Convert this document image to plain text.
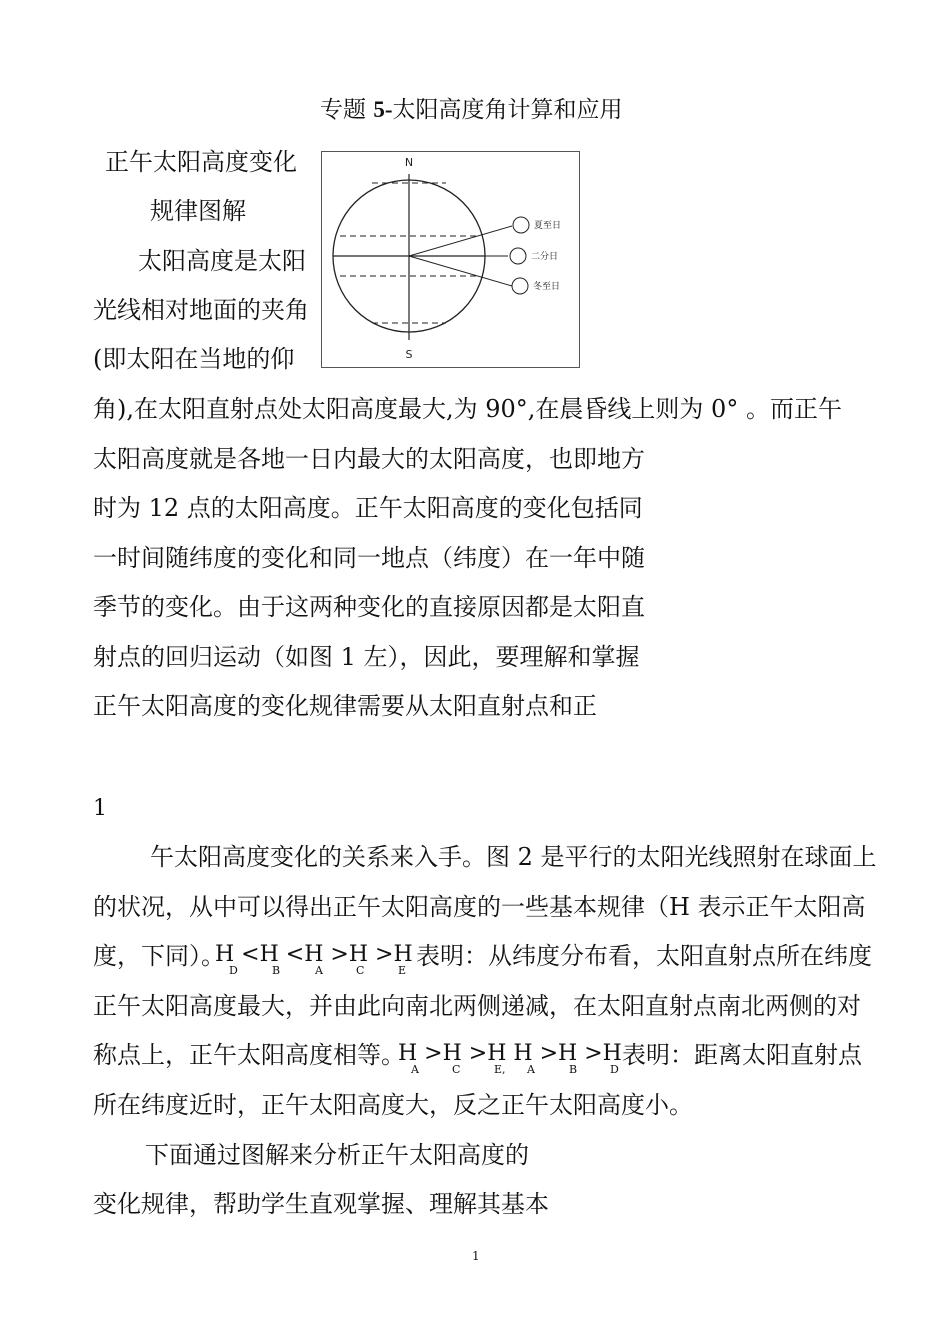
专题 5-太阳高度角计算和应用
正午太阳高度变化
规律图解
太阳高度是太阳
光线相对地面的夹角
(即太阳在当地的仰
N
S
夏至日
二分日
冬至日
角),在太阳直射点处太阳高度最大,为 90°,在晨昏线上则为 0° 。而正午
太阳高度就是各地一日内最大的太阳高度，也即地方
时为 12 点的太阳高度。正午太阳高度的变化包括同
一时间随纬度的变化和同一地点（纬度）在一年中随
季节的变化。由于这两种变化的直接原因都是太阳直
射点的回归运动（如图 1 左），因此，要理解和掌握
正午太阳高度的变化规律需要从太阳直射点和正
1
午太阳高度变化的关系来入手。图 2 是平行的太阳光线照射在球面上
的状况，从中可以得出正午太阳高度的一些基本规律（H 表示正午太阳高
度，下同）。
H <H <H >H >H 表明：从纬度分布看，太阳直射点所在纬度
D	B	A	C	E
正午太阳高度最大，并由此向南北两侧递减，在太阳直射点南北两侧的对
称点上，正午太阳高度相等。
H >H >H H >H >H 表明：距离太阳直射点
A	C	E, A	B	D
所在纬度近时，正午太阳高度大，反之正午太阳高度小。
下面通过图解来分析正午太阳高度的
变化规律，帮助学生直观掌握、理解其基本
1
